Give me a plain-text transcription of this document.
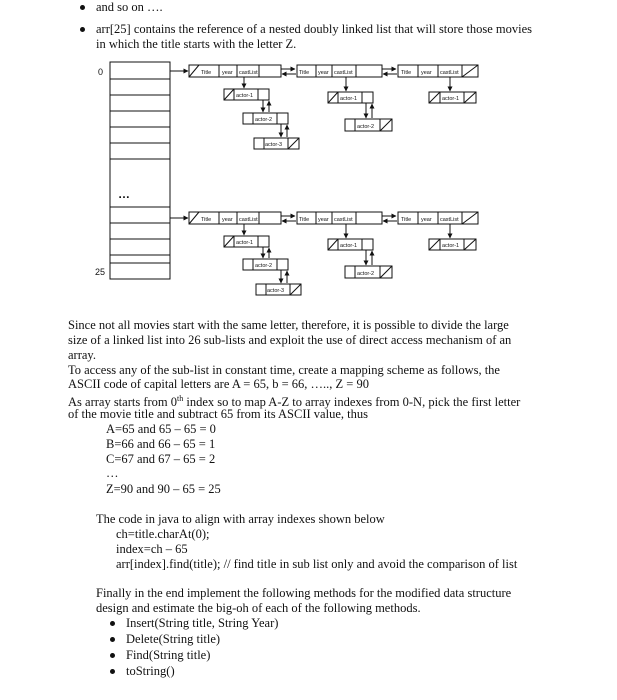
and so on ….
arr[25] contains the reference of a nested doubly linked list that will store those movies
in which the title starts with the letter Z.
0
…
25
Title year castList	Title year castList	Title year castList
actor-1
actor-2
actor-3
actor-1
actor-2
actor-1
Title year castList	Title year castList	Title year castList
actor-1
actor-2
actor-3
actor-1
actor-2
actor-1
Since not all movies start with the same letter, therefore, it is possible to divide the large
size of a linked list into 26 sub-lists and exploit the use of direct access mechanism of an
array.
To access any of the sub-list in constant time, create a mapping scheme as follows, the
ASCII code of capital letters are A = 65, b = 66, ….., Z = 90
As array starts from 0th index so to map A-Z to array indexes from 0-N, pick the first letter
of the movie title and subtract 65 from its ASCII value, thus
A=65 and 65 – 65 = 0
B=66 and 66 – 65 = 1
C=67 and 67 – 65 = 2
…
Z=90 and 90 – 65 = 25
The code in java to align with array indexes shown below
ch=title.charAt(0);
index=ch – 65
arr[index].find(title); // find title in sub list only and avoid the comparison of list
Finally in the end implement the following methods for the modified data structure
design and estimate the big-oh of each of the following methods.
Insert(String title, String Year)
Delete(String title)
Find(String title)
toString()
